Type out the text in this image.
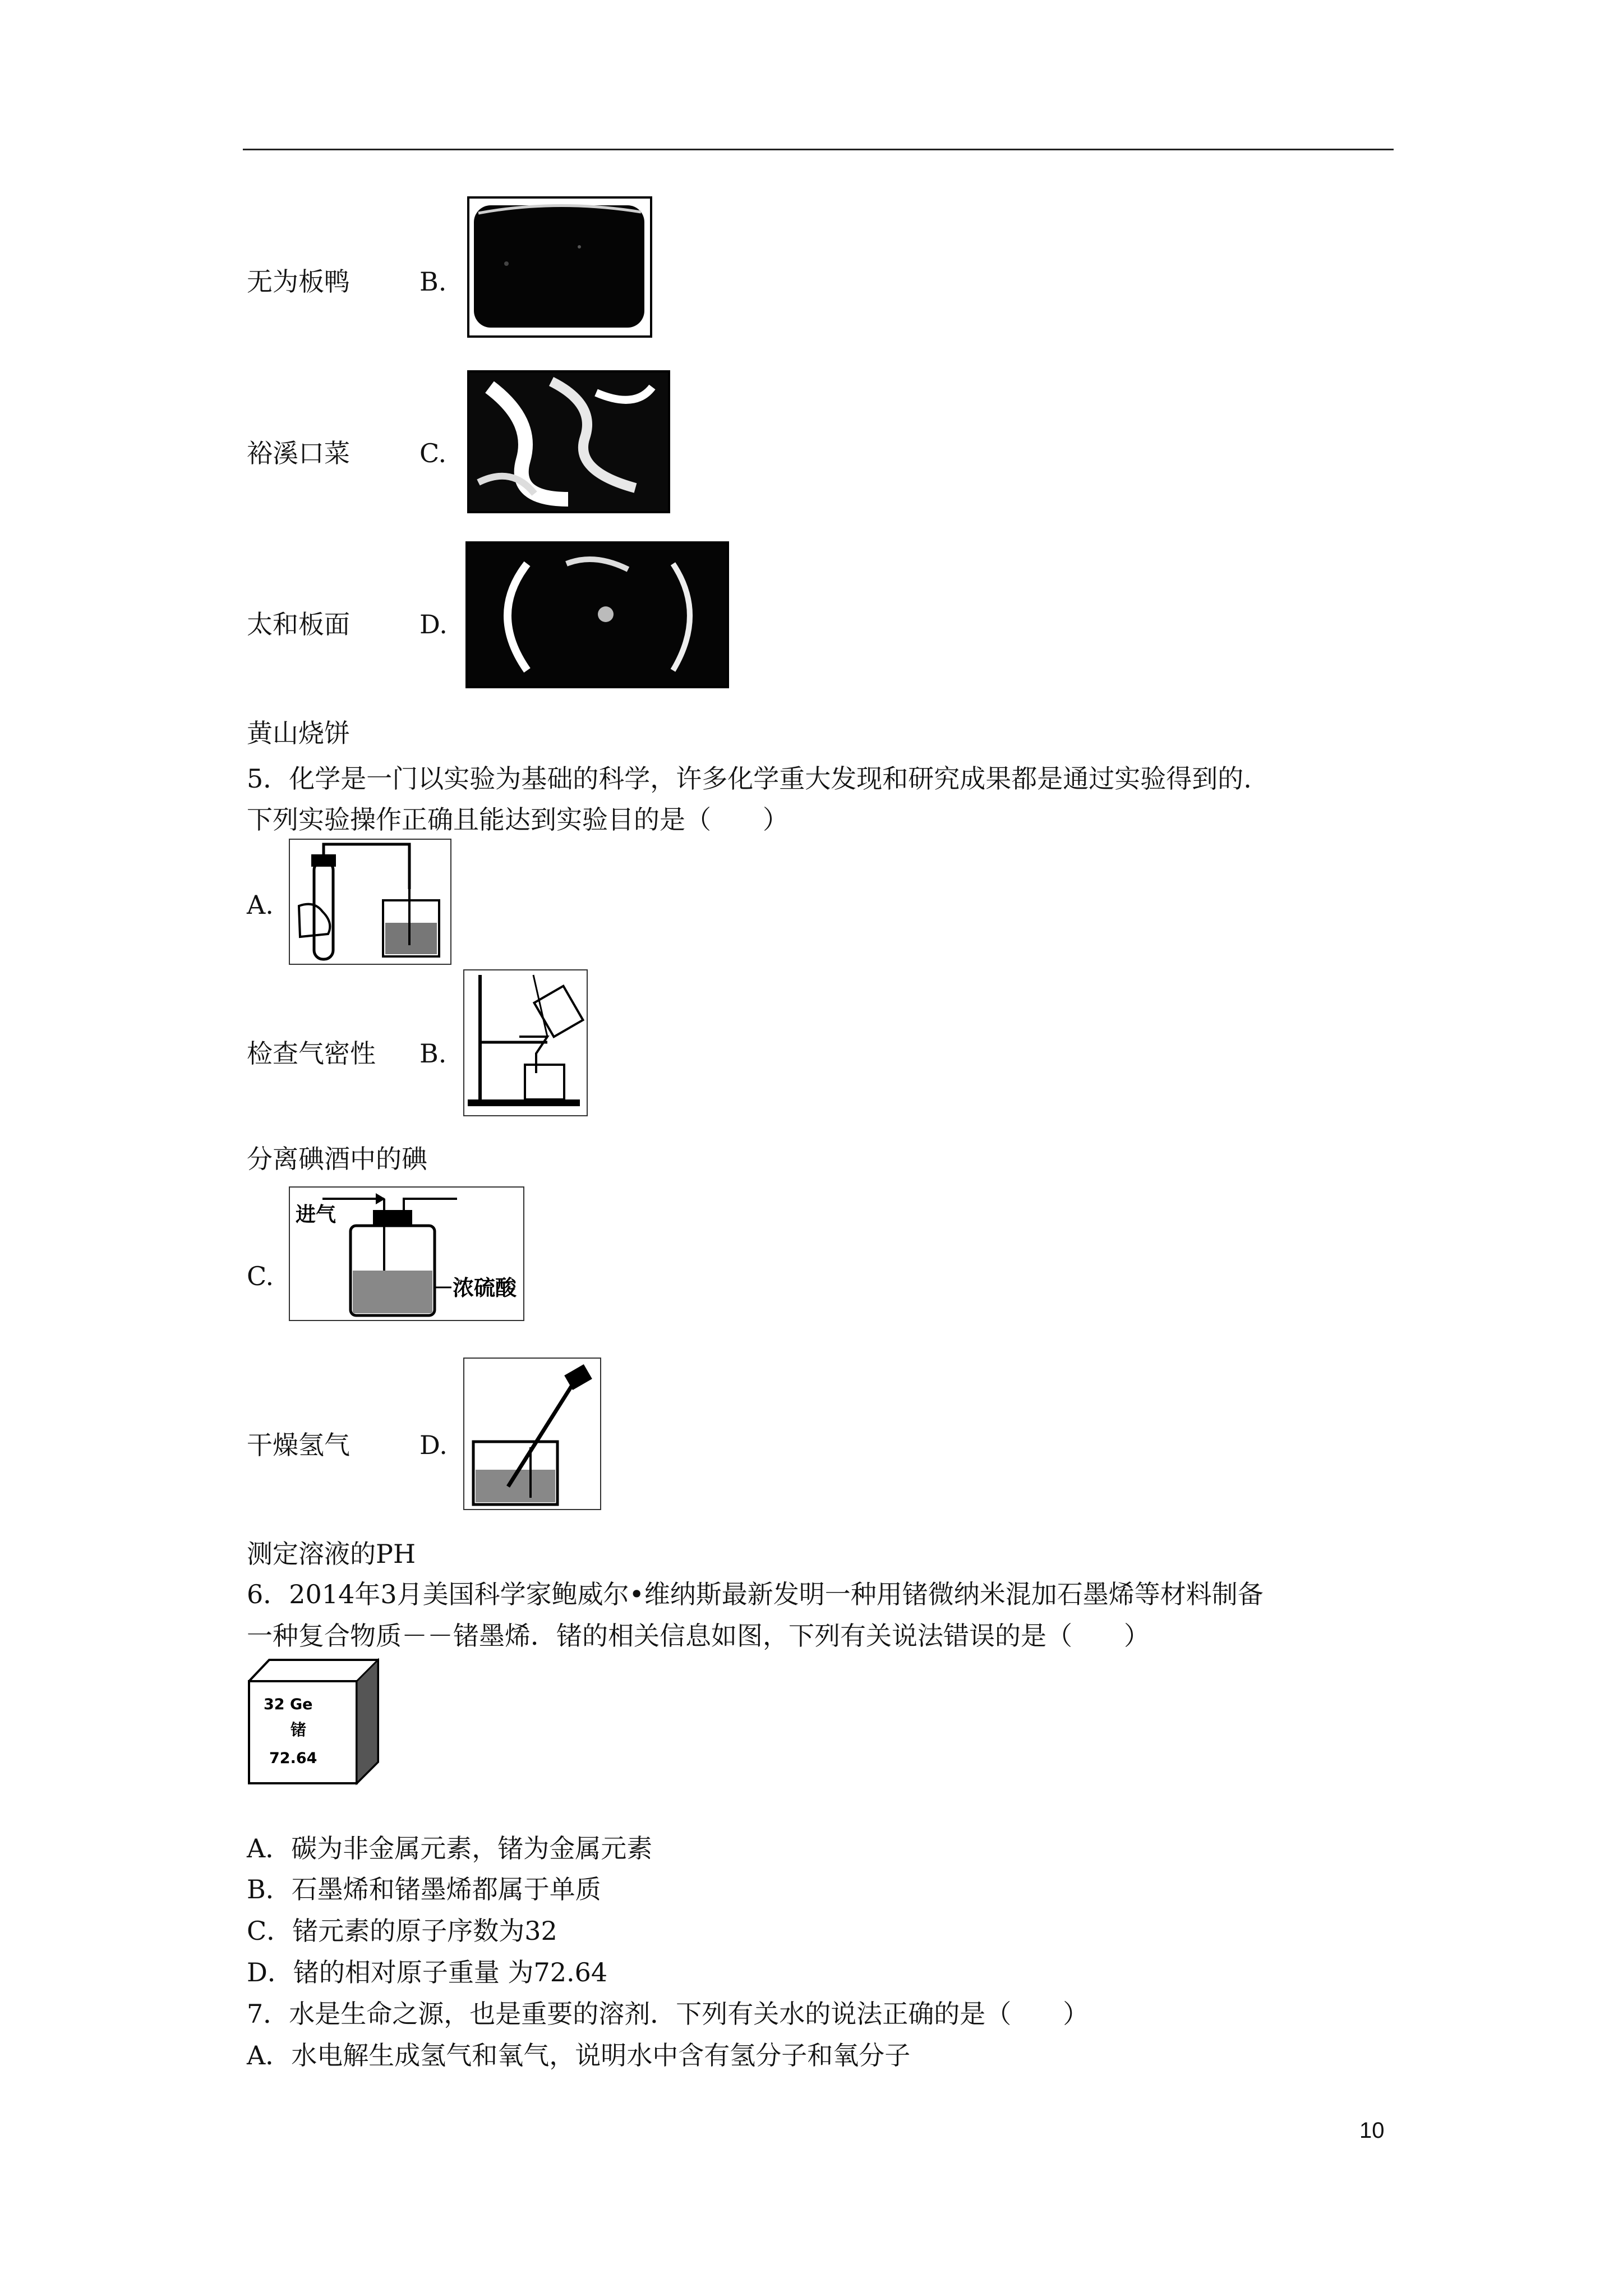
无为板鸭	B.
裕溪口菜	C.
太和板面	D.
黄山烧饼
5．化学是一门以实验为基础的科学，许多化学重大发现和研究成果都是通过实验得到的.
下列实验操作正确且能达到实验目的是（　　）
A.
检查气密性 B.
分离碘酒中的碘
C.
进气
浓硫酸
干燥氢气	D.
测定溶液的PH
6．2014年3月美国科学家鲍威尔•维纳斯最新发明一种用锗微纳米混加石墨烯等材料制备
一种复合物质－－锗墨烯．锗的相关信息如图，下列有关说法错误的是（　　）
32 Ge
锗
72.64
A．碳为非金属元素，锗为金属元素
B．石墨烯和锗墨烯都属于单质
C．锗元素的原子序数为32
D．锗的相对原子重量 为72.64
7．水是生命之源，也是重要的溶剂．下列有关水的说法正确的是（　　）
A．水电解生成氢气和氧气，说明水中含有氢分子和氧分子
10
